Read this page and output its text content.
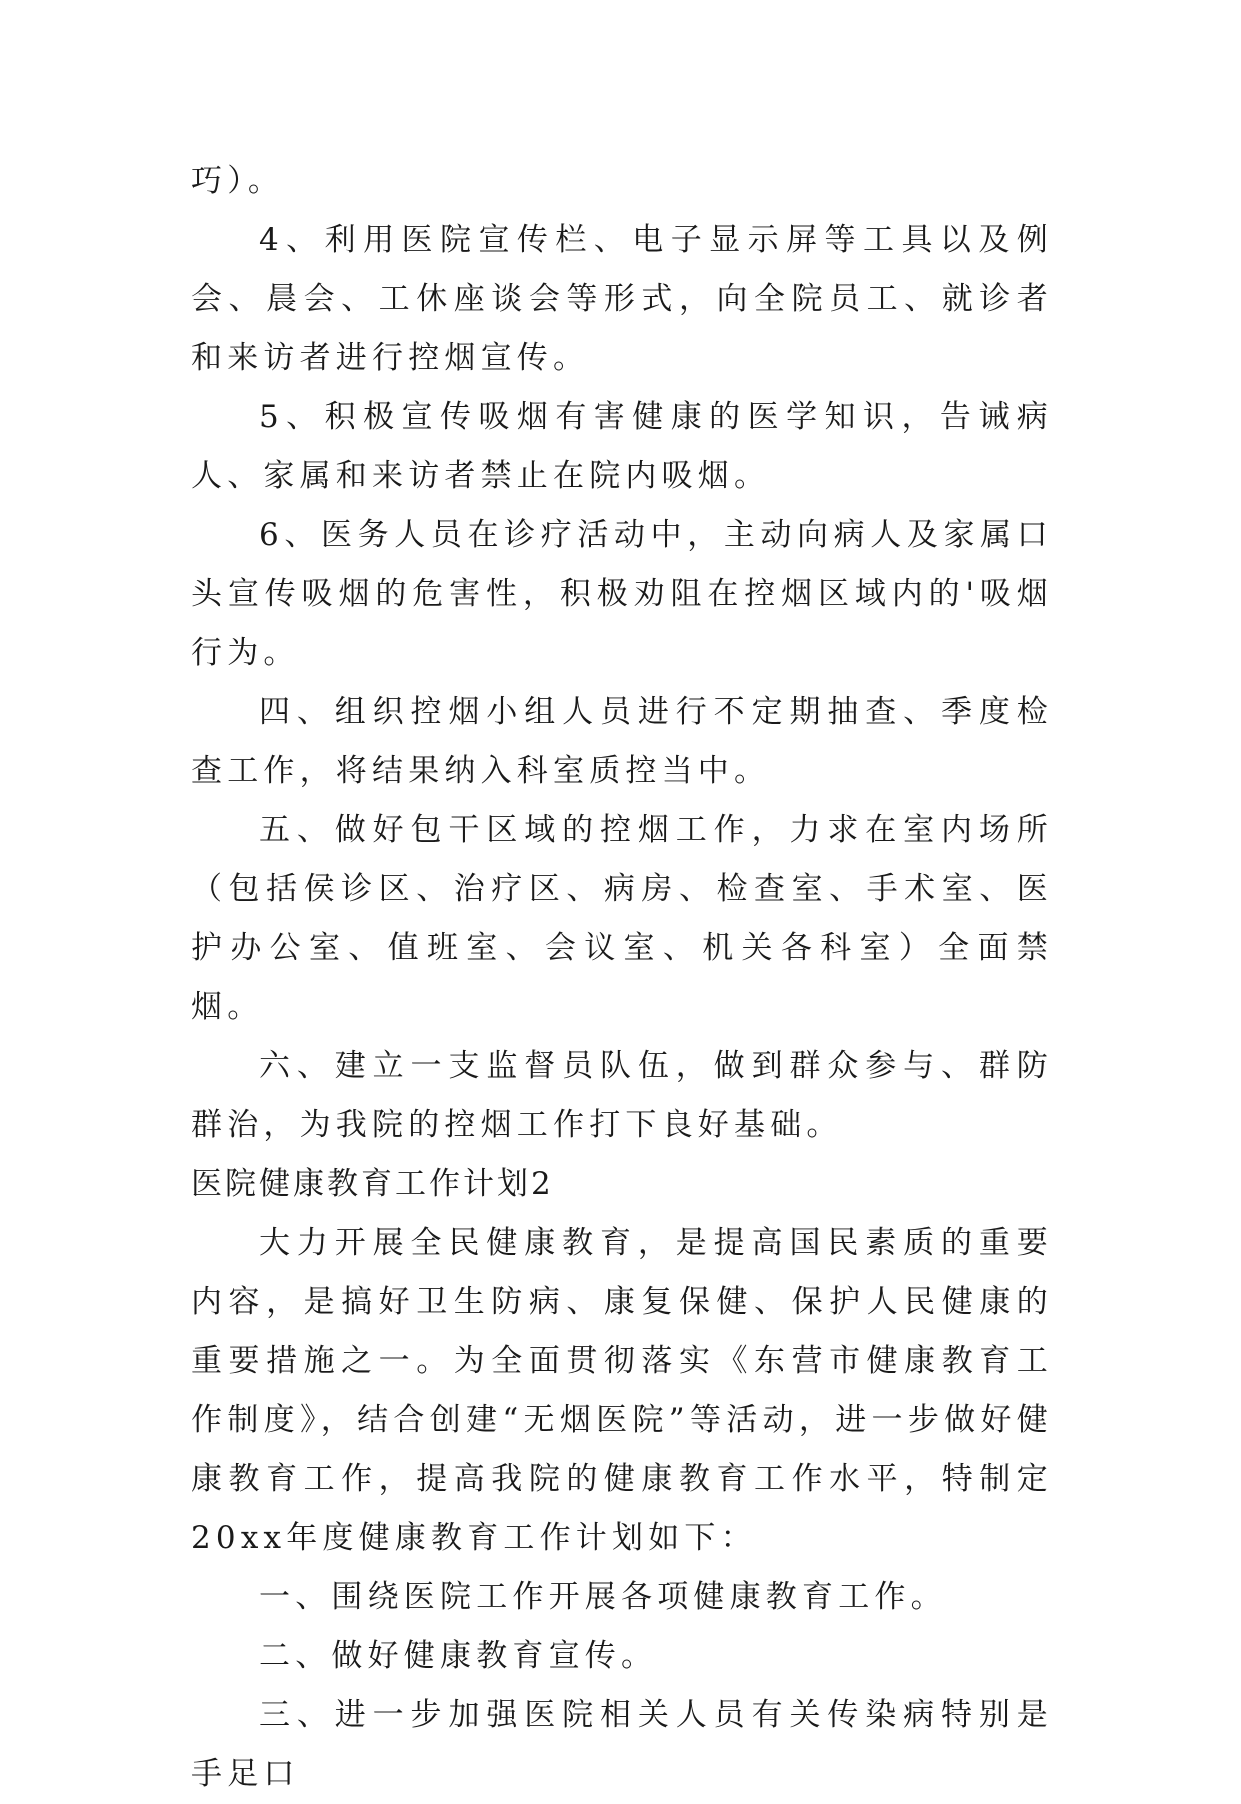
巧）。

4、利用医院宣传栏、电子显示屏等工具以及例会、晨会、工休座谈会等形式，向全院员工、就诊者和来访者进行控烟宣传。

5、积极宣传吸烟有害健康的医学知识，告诫病人、家属和来访者禁止在院内吸烟。

6、医务人员在诊疗活动中，主动向病人及家属口头宣传吸烟的危害性，积极劝阻在控烟区域内的'吸烟行为。

四、组织控烟小组人员进行不定期抽查、季度检查工作，将结果纳入科室质控当中。

五、做好包干区域的控烟工作，力求在室内场所（包括侯诊区、治疗区、病房、检查室、手术室、医护办公室、值班室、会议室、机关各科室）全面禁烟。

六、建立一支监督员队伍，做到群众参与、群防群治，为我院的控烟工作打下良好基础。

医院健康教育工作计划2

大力开展全民健康教育，是提高国民素质的重要内容，是搞好卫生防病、康复保健、保护人民健康的重要措施之一。为全面贯彻落实《东营市健康教育工作制度》，结合创建“无烟医院”等活动，进一步做好健康教育工作，提高我院的健康教育工作水平，特制定20xx年度健康教育工作计划如下：

一、围绕医院工作开展各项健康教育工作。

二、做好健康教育宣传。

三、进一步加强医院相关人员有关传染病特别是手足口
